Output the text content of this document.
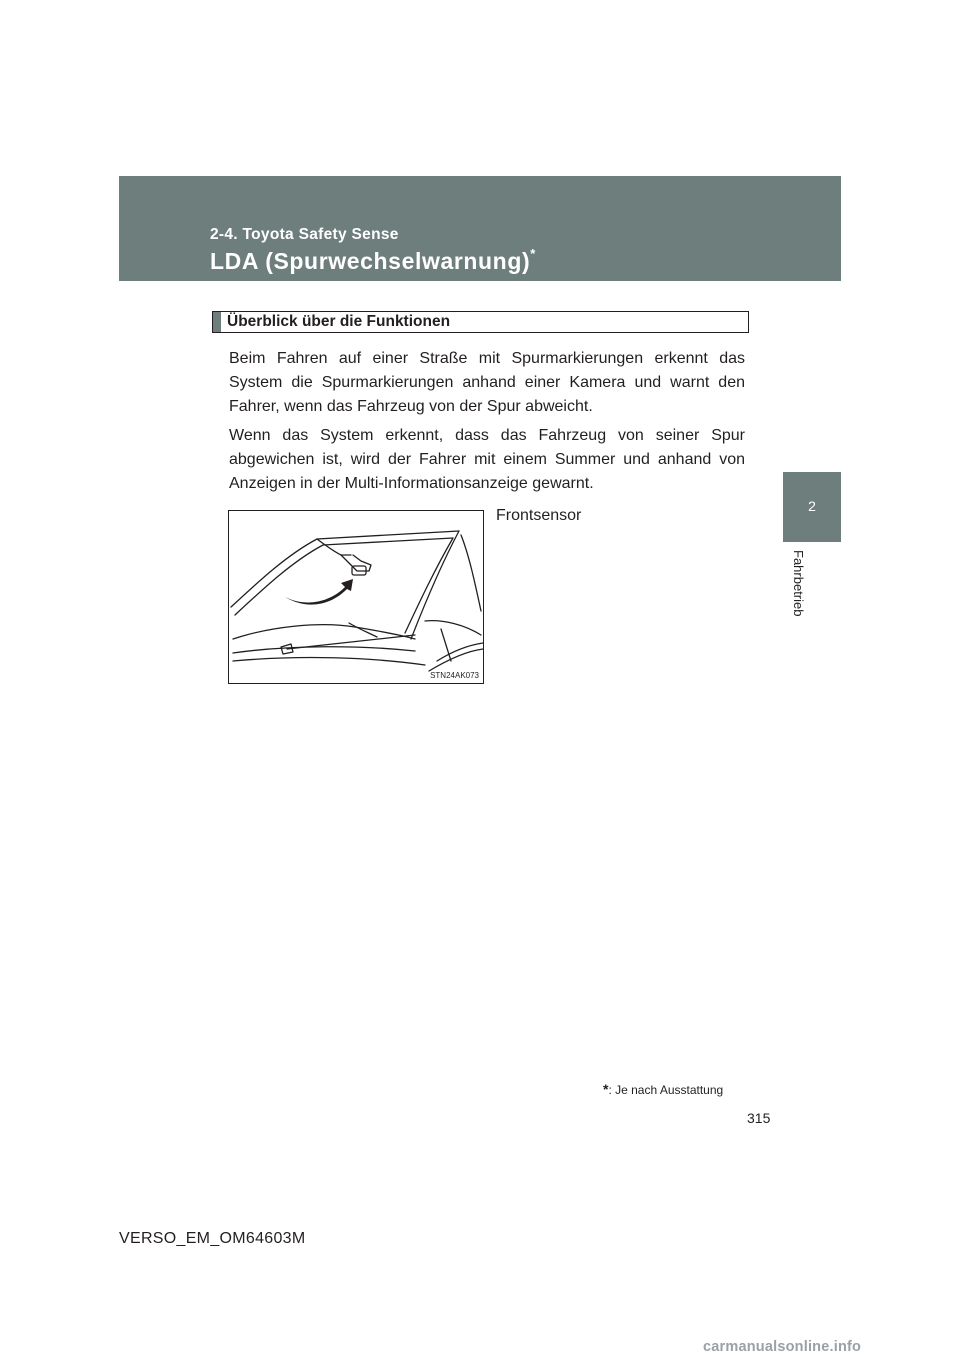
2-4. Toyota Safety Sense
LDA (Spurwechselwarnung)*
2
Fahrbetrieb
Überblick über die Funktionen

Beim Fahren auf einer Straße mit Spurmarkierungen erkennt das System die Spurmarkierungen anhand einer Kamera und warnt den Fahrer, wenn das Fahrzeug von der Spur abweicht.

Wenn das System erkennt, dass das Fahrzeug von seiner Spur abgewichen ist, wird der Fahrer mit einem Summer und anhand von Anzeigen in der Multi-Informationsanzeige gewarnt.

STN24AK073
Frontsensor
*: Je nach Ausstattung
315
VERSO_EM_OM64603M
carmanualsonline.info
